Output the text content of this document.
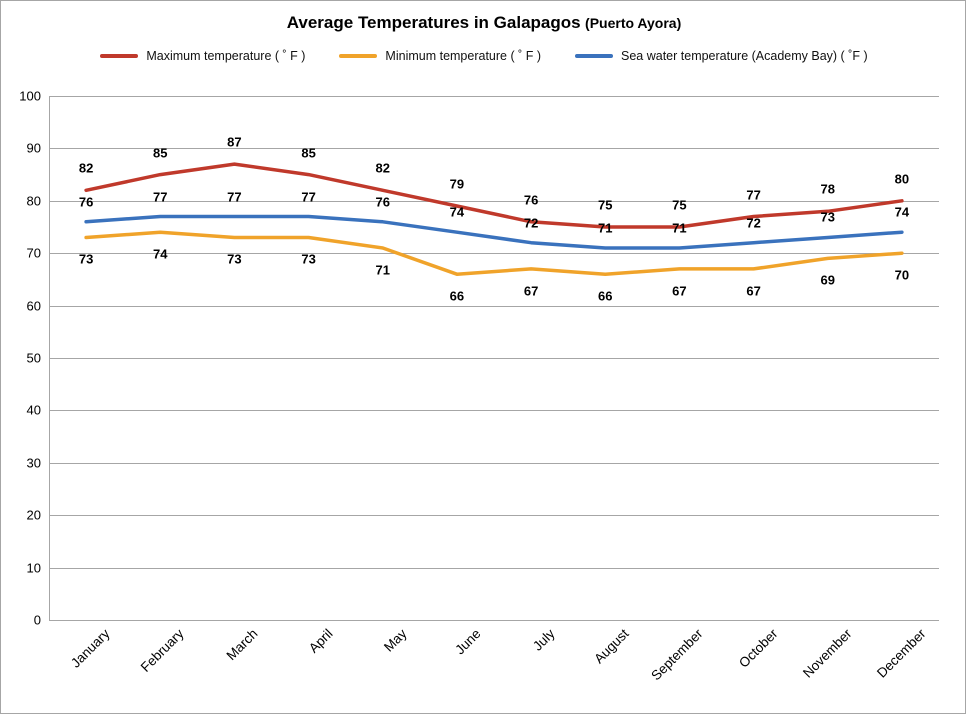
Average Temperatures in Galapagos (Puerto Ayora)
Maximum temperature ( ˚ F )	Minimum temperature ( ˚ F )	Sea water temperature (Academy Bay) ( ˚F )
0
10
20
30
40
50
60
70
80
90
100
82
85
87
85
82
79
76	75	75
77	78
80
73	74	73	73
71
66	67	66	67	67
69	70
76	77	77	77	76
74
72	71	71	72	73	74
January February	March	April	May	June	July	August September October November December
